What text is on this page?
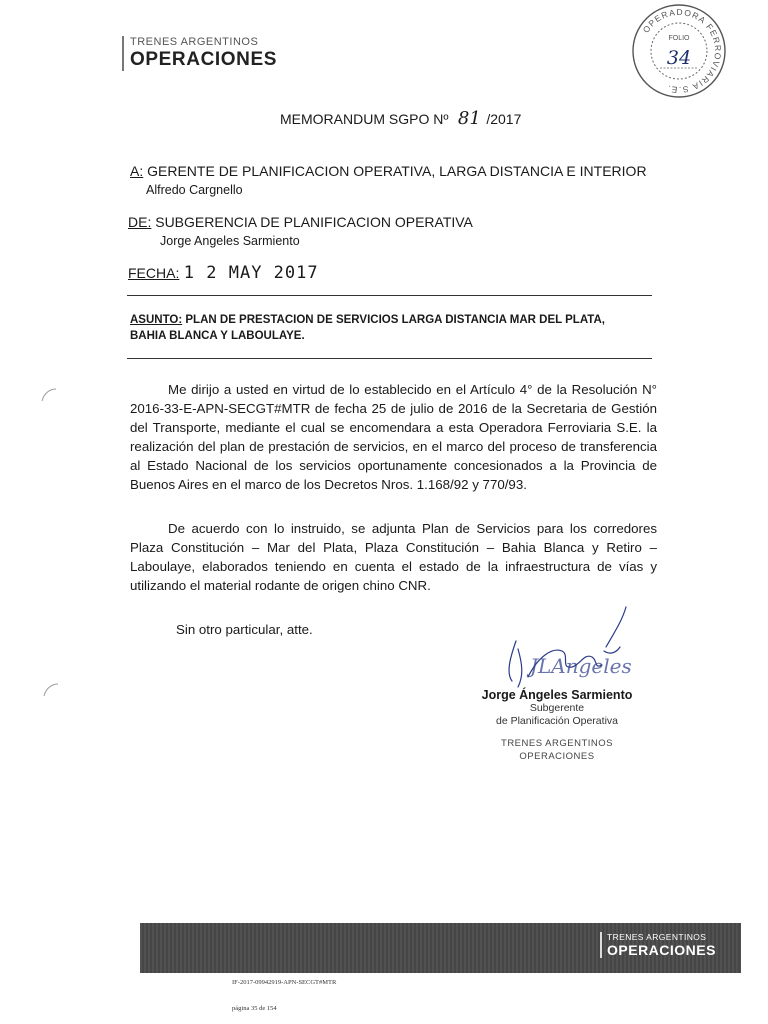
TRENES ARGENTINOS
OPERACIONES
OPERADORA FERROVIARIA S.E.
FOLIO
34
MEMORANDUM SGPO Nº 81 /2017
A: GERENTE DE PLANIFICACION OPERATIVA, LARGA DISTANCIA E INTERIOR
Alfredo Cargnello
DE: SUBGERENCIA DE PLANIFICACION OPERATIVA
Jorge Angeles Sarmiento
FECHA: 1 2 MAY 2017
ASUNTO: PLAN DE PRESTACION DE SERVICIOS LARGA DISTANCIA MAR DEL PLATA, BAHIA BLANCA Y LABOULAYE.

Me dirijo a usted en virtud de lo establecido en el Artículo 4° de la Resolución N° 2016-33-E-APN-SECGT#MTR de fecha 25 de julio de 2016 de la Secretaria de Gestión del Transporte, mediante el cual se encomendara a esta Operadora Ferroviaria S.E. la realización del plan de prestación de servicios, en el marco del proceso de transferencia al Estado Nacional de los servicios oportunamente concesionados a la Provincia de Buenos Aires en el marco de los Decretos Nros. 1.168/92 y 770/93.

De acuerdo con lo instruido, se adjunta Plan de Servicios para los corredores Plaza Constitución – Mar del Plata, Plaza Constitución – Bahia Blanca y Retiro – Laboulaye, elaborados teniendo en cuenta el estado de la infraestructura de vías y utilizando el material rodante de origen chino CNR.

Sin otro particular, atte.
JLAngeles
Jorge Ángeles Sarmiento
Subgerente
de Planificación Operativa
TRENES ARGENTINOS
OPERACIONES
TRENES ARGENTINOS
OPERACIONES
IF-2017-09942919-APN-SECGT#MTR
página 35 de 154
